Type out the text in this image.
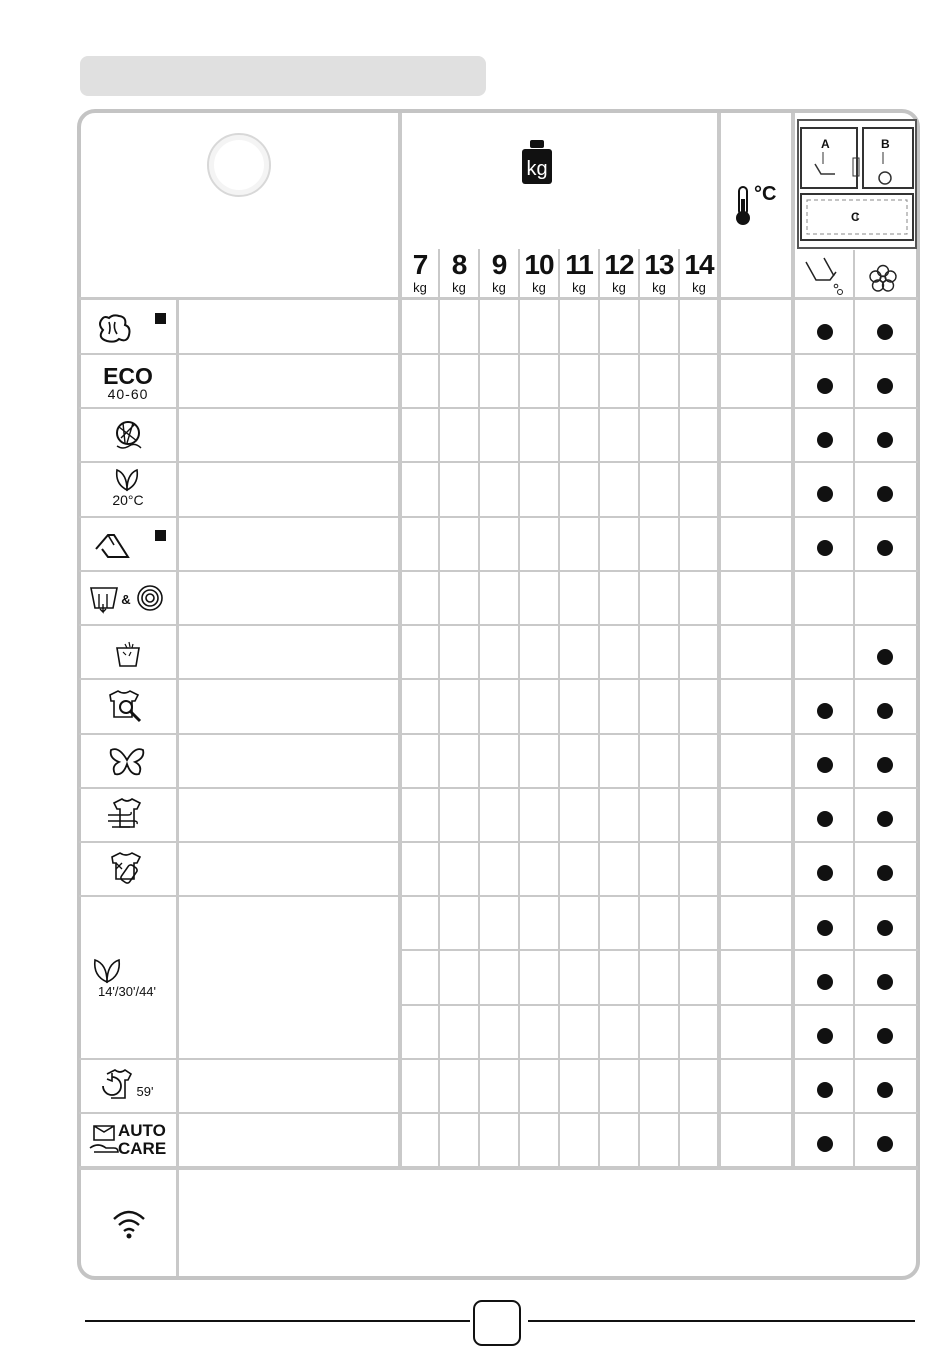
kg
7
kg
8
kg
9
kg
10
kg
11
kg
12
kg
13
kg
14
kg
°C
A	B
C
ECO
40-60
20°C
&
14'/30'/44'
59'
AUTO
CARE
